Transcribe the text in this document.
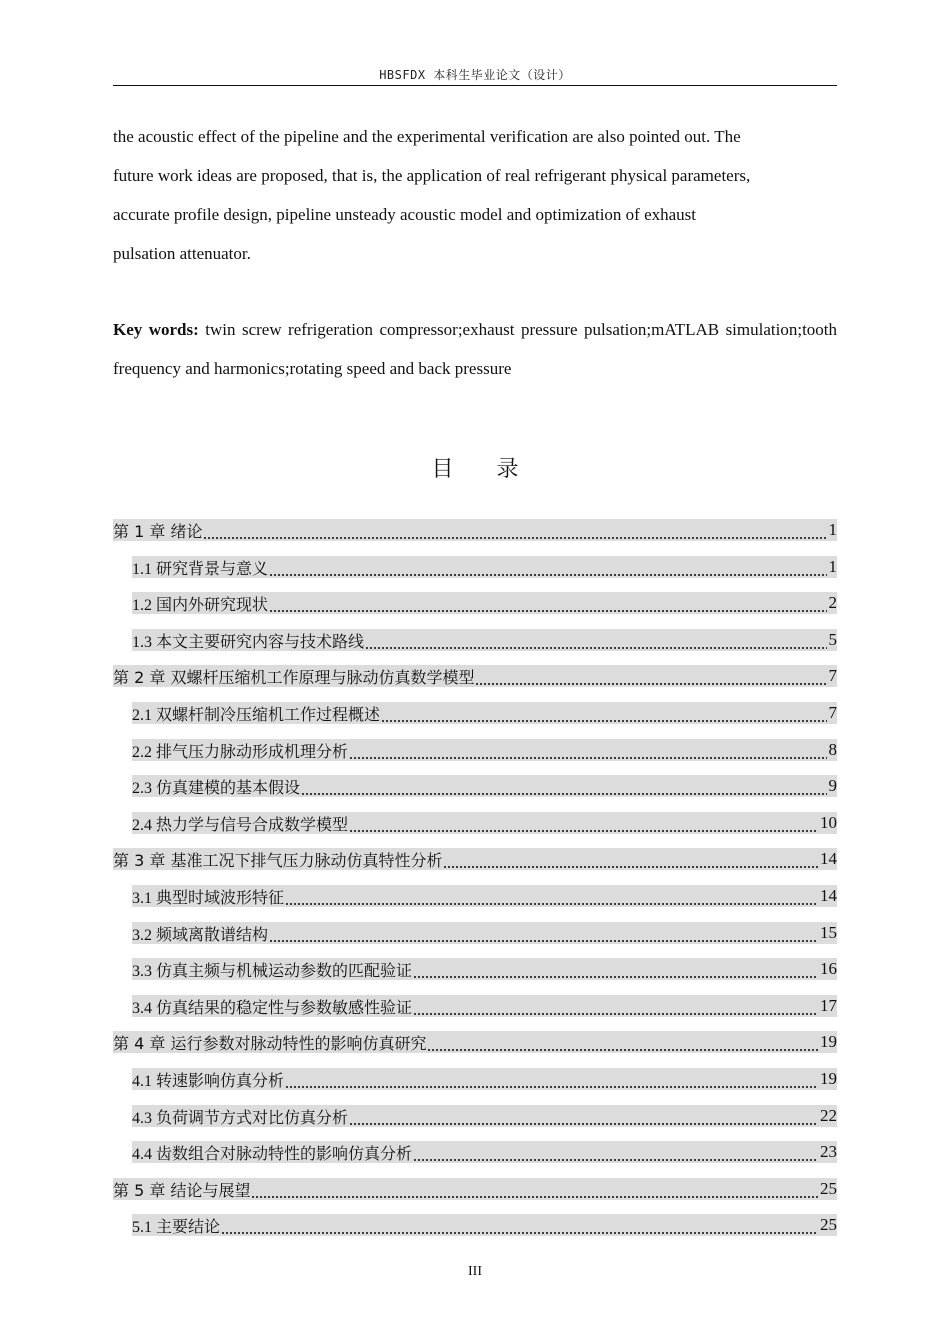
HBSFDX 本科生毕业论文（设计）

the acoustic effect of the pipeline and the experimental verification are also pointed out. The

future work ideas are proposed, that is, the application of real refrigerant physical parameters,

accurate profile design, pipeline unsteady acoustic model and optimization of exhaust

pulsation attenuator.

Key words: twin screw refrigeration compressor;exhaust pressure pulsation;mATLAB simulation;tooth frequency and harmonics;rotating speed and back pressure
目 录
第 1 章 绪论	1
1.1 研究背景与意义	1
1.2 国内外研究现状	2
1.3 本文主要研究内容与技术路线	5
第 2 章 双螺杆压缩机工作原理与脉动仿真数学模型	7
2.1 双螺杆制冷压缩机工作过程概述	7
2.2 排气压力脉动形成机理分析	8
2.3 仿真建模的基本假设	9
2.4 热力学与信号合成数学模型	10
第 3 章 基准工况下排气压力脉动仿真特性分析	14
3.1 典型时域波形特征	14
3.2 频域离散谱结构	15
3.3 仿真主频与机械运动参数的匹配验证	16
3.4 仿真结果的稳定性与参数敏感性验证	17
第 4 章 运行参数对脉动特性的影响仿真研究	19
4.1 转速影响仿真分析	19
4.3 负荷调节方式对比仿真分析	22
4.4 齿数组合对脉动特性的影响仿真分析	23
第 5 章 结论与展望	25
5.1 主要结论	25
III
